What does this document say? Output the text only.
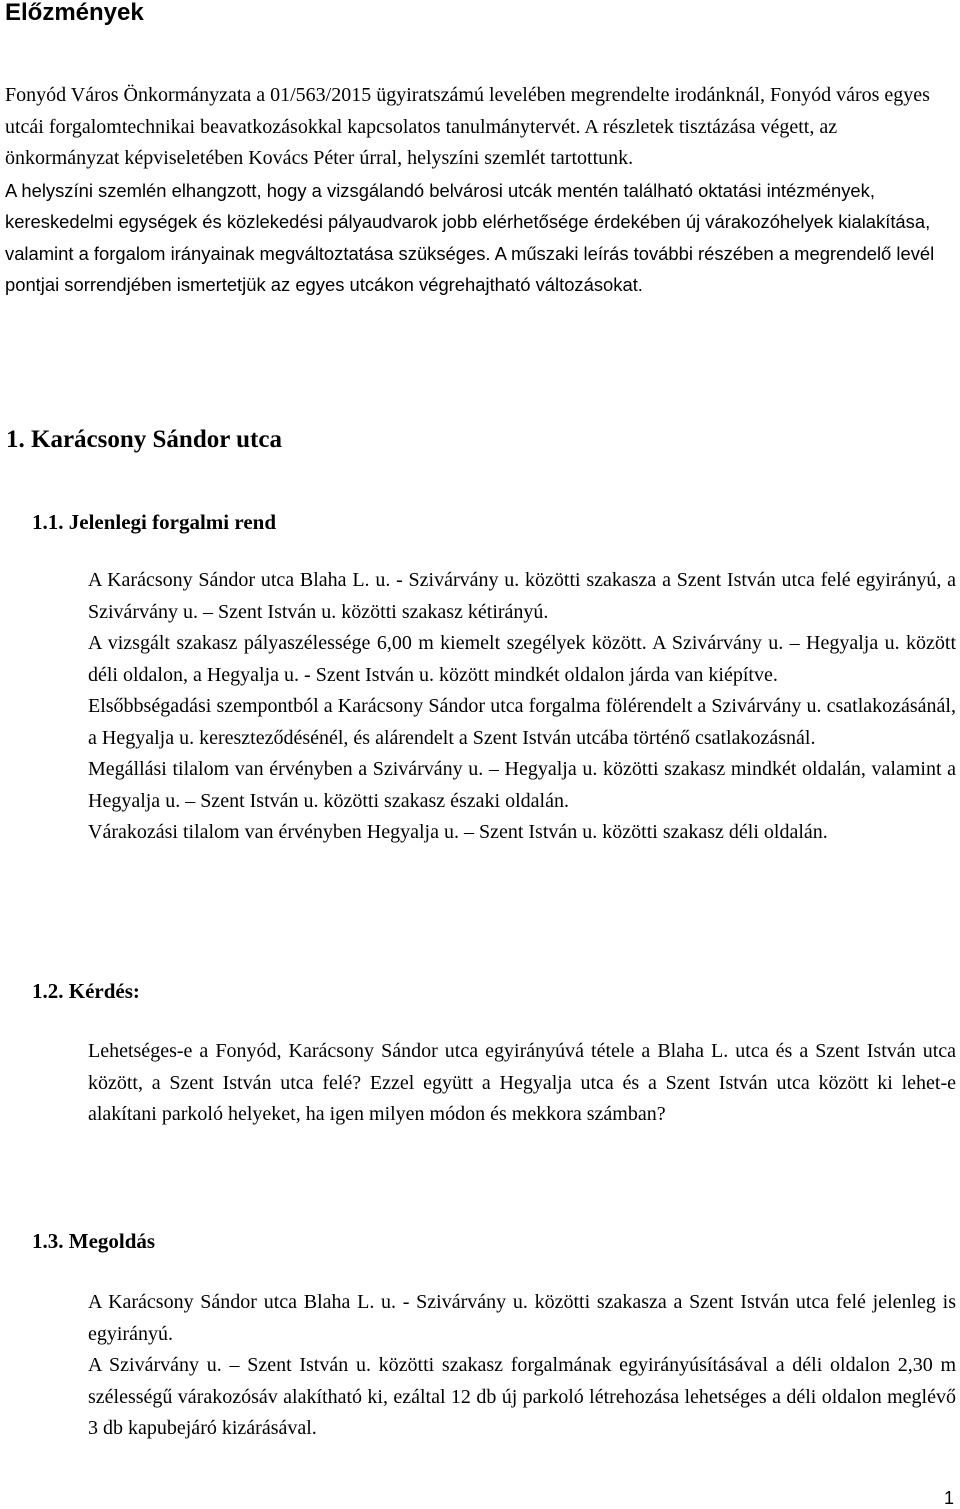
Előzmények

Fonyód Város Önkormányzata a 01/563/2015 ügyiratszámú levelében megrendelte irodánknál, Fonyód város egyes utcái forgalomtechnikai beavatkozásokkal kapcsolatos tanulmánytervét. A részletek tisztázása végett, az önkormányzat képviseletében Kovács Péter úrral, helyszíni szemlét tartottunk.

A helyszíni szemlén elhangzott, hogy a vizsgálandó belvárosi utcák mentén található oktatási intézmények, kereskedelmi egységek és közlekedési pályaudvarok jobb elérhetősége érdekében új várakozóhelyek kialakítása, valamint a forgalom irányainak megváltoztatása szükséges. A műszaki leírás további részében a megrendelő levél pontjai sorrendjében ismertetjük az egyes utcákon végrehajtható változásokat.

1. Karácsony Sándor utca
1.1. Jelenlegi forgalmi rend

A Karácsony Sándor utca Blaha L. u. - Szivárvány u. közötti szakasza a Szent István utca felé egyirányú, a Szivárvány u. – Szent István u. közötti szakasz kétirányú.

A vizsgált szakasz pályaszélessége 6,00 m kiemelt szegélyek között. A Szivárvány u. – Hegyalja u. között déli oldalon, a Hegyalja u. - Szent István u. között mindkét oldalon járda van kiépítve.

Elsőbbségadási szempontból a Karácsony Sándor utca forgalma fölérendelt a Szivárvány u. csatlakozásánál, a Hegyalja u. kereszteződésénél, és alárendelt a Szent István utcába történő csatlakozásnál.

Megállási tilalom van érvényben a Szivárvány u. – Hegyalja u. közötti szakasz mindkét oldalán, valamint a Hegyalja u. – Szent István u. közötti szakasz északi oldalán.

Várakozási tilalom van érvényben Hegyalja u. – Szent István u. közötti szakasz déli oldalán.

1.2. Kérdés:

Lehetséges-e a Fonyód, Karácsony Sándor utca egyirányúvá tétele a Blaha L. utca és a Szent István utca között, a Szent István utca felé? Ezzel együtt a Hegyalja utca és a Szent István utca között ki lehet-e alakítani parkoló helyeket, ha igen milyen módon és mekkora számban?

1.3. Megoldás

A Karácsony Sándor utca Blaha L. u. - Szivárvány u. közötti szakasza a Szent István utca felé jelenleg is egyirányú.

A Szivárvány u. – Szent István u. közötti szakasz forgalmának egyirányúsításával a déli oldalon 2,30 m szélességű várakozósáv alakítható ki, ezáltal 12 db új parkoló létrehozása lehetséges a déli oldalon meglévő 3 db kapubejáró kizárásával.

1
